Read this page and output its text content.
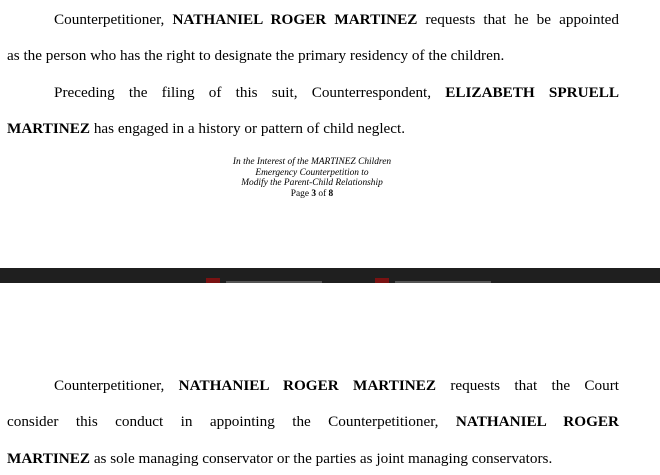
Counterpetitioner, NATHANIEL ROGER MARTINEZ requests that he be appointed
as the person who has the right to designate the primary residency of the children.
Preceding the filing of this suit, Counterrespondent, ELIZABETH SPRUELL
MARTINEZ has engaged in a history or pattern of child neglect.
In the Interest of the MARTINEZ Children
Emergency Counterpetition to
Modify the Parent-Child Relationship
Page 3 of 8
Counterpetitioner, NATHANIEL ROGER MARTINEZ requests that the Court
consider this conduct in appointing the Counterpetitioner, NATHANIEL ROGER
MARTINEZ as sole managing conservator or the parties as joint managing conservators.
